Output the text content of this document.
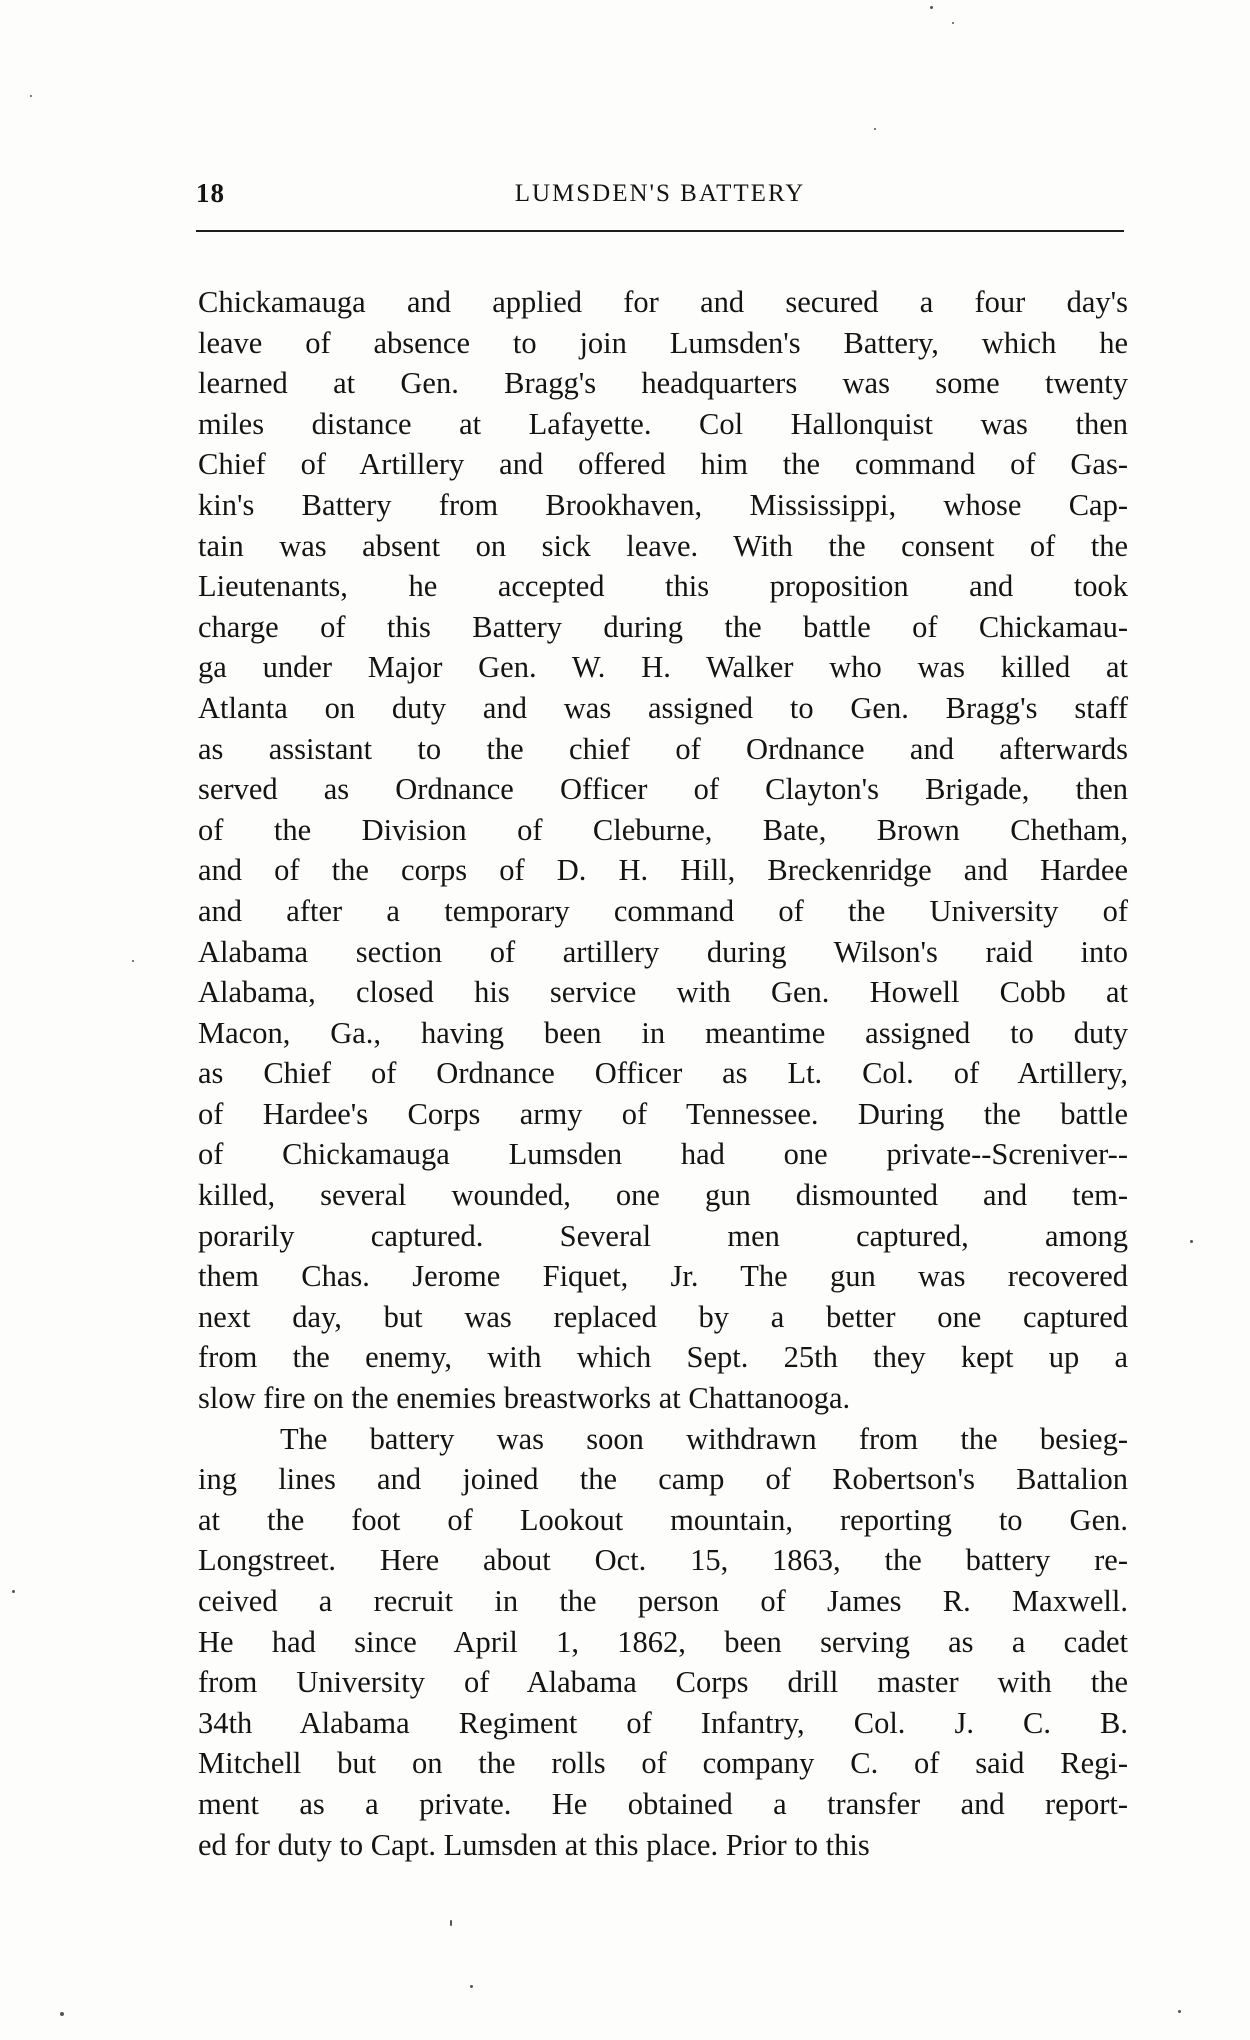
18	LUMSDEN'S BATTERY
Chickamauga and applied for and secured a four day's
leave of absence to join Lumsden's Battery, which he
learned at Gen. Bragg's headquarters was some twenty
miles distance at Lafayette. Col Hallonquist was then
Chief of Artillery and offered him the command of Gas-
kin's Battery from Brookhaven, Mississippi, whose Cap-
tain was absent on sick leave. With the consent of the
Lieutenants, he accepted this proposition and took
charge of this Battery during the battle of Chickamau-
ga under Major Gen. W. H. Walker who was killed at
Atlanta on duty and was assigned to Gen. Bragg's staff
as assistant to the chief of Ordnance and afterwards
served as Ordnance Officer of Clayton's Brigade, then
of the Division of Cleburne, Bate, Brown Chetham,
and of the corps of D. H. Hill, Breckenridge and Hardee
and after a temporary command of the University of
Alabama section of artillery during Wilson's raid into
Alabama, closed his service with Gen. Howell Cobb at
Macon, Ga., having been in meantime assigned to duty
as Chief of Ordnance Officer as Lt. Col. of Artillery,
of Hardee's Corps army of Tennessee. During the battle
of Chickamauga Lumsden had one private--Screniver--
killed, several wounded, one gun dismounted and tem-
porarily captured. Several men captured, among
them Chas. Jerome Fiquet, Jr. The gun was recovered
next day, but was replaced by a better one captured
from the enemy, with which Sept. 25th they kept up a
slow fire on the enemies breastworks at Chattanooga.
The battery was soon withdrawn from the besieg-
ing lines and joined the camp of Robertson's Battalion
at the foot of Lookout mountain, reporting to Gen.
Longstreet. Here about Oct. 15, 1863, the battery re-
ceived a recruit in the person of James R. Maxwell.
He had since April 1, 1862, been serving as a cadet
from University of Alabama Corps drill master with the
34th Alabama Regiment of Infantry, Col. J. C. B.
Mitchell but on the rolls of company C. of said Regi-
ment as a private. He obtained a transfer and report-
ed for duty to Capt. Lumsden at this place. Prior to this
